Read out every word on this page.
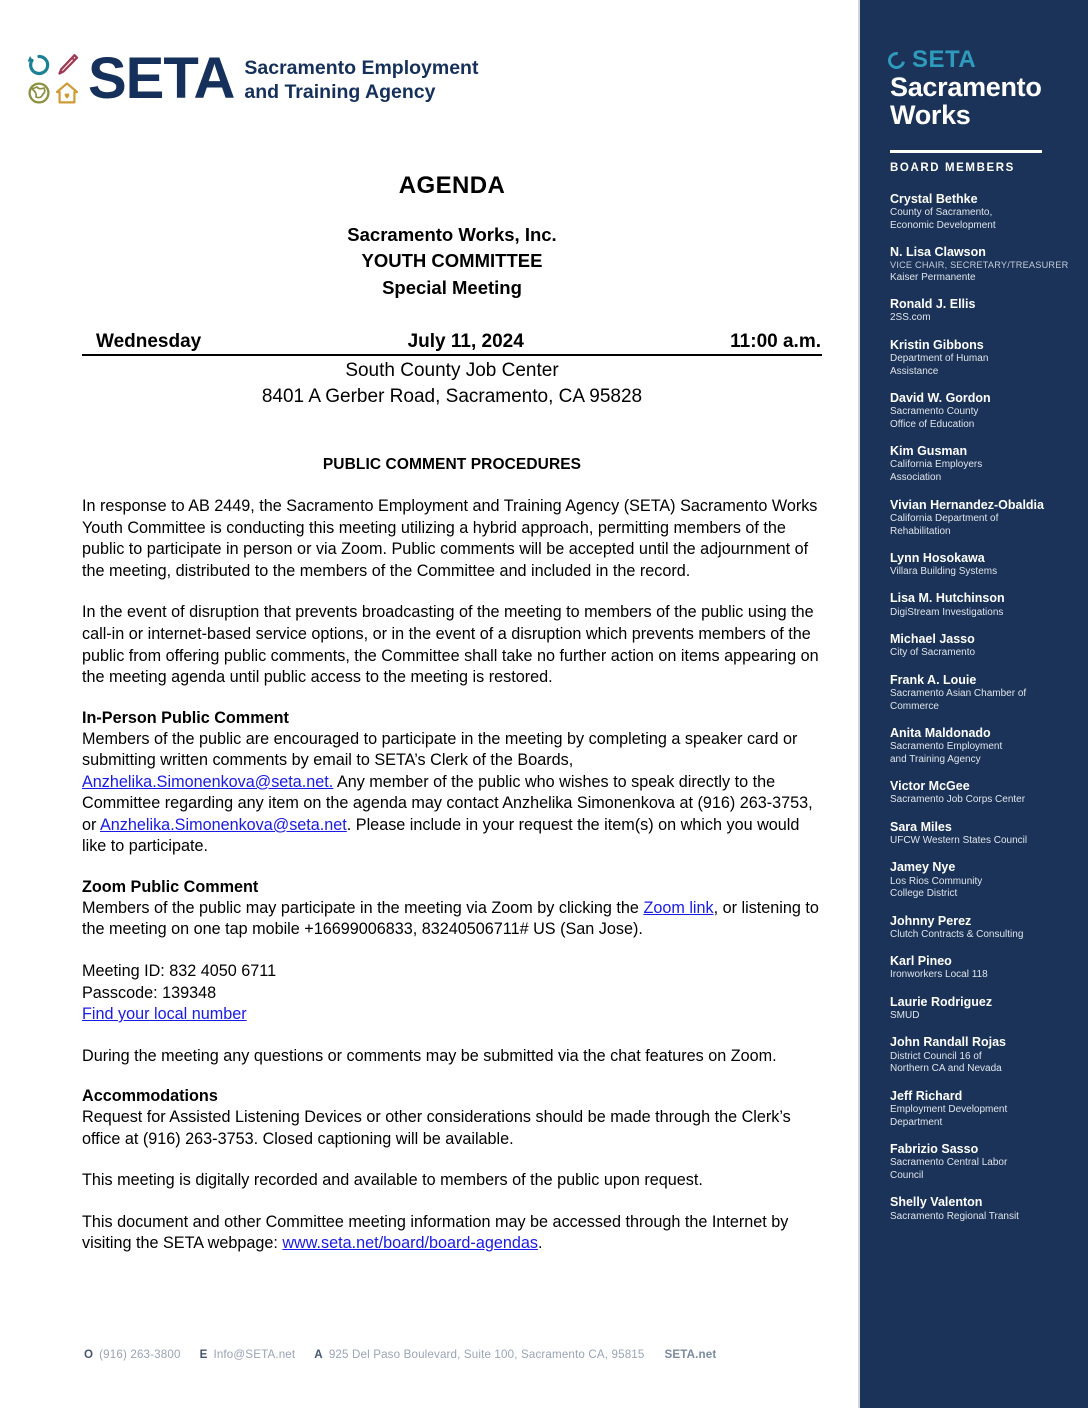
SETA Sacramento Employment
and Training Agency
AGENDA
Sacramento Works, Inc.
YOUTH COMMITTEE
Special Meeting
Wednesday	July 11, 2024	11:00 a.m.
South County Job Center
8401 A Gerber Road, Sacramento, CA 95828
PUBLIC COMMENT PROCEDURES

In response to AB 2449, the Sacramento Employment and Training Agency (SETA) Sacramento Works Youth Committee is conducting this meeting utilizing a hybrid approach, permitting members of the public to participate in person or via Zoom. Public comments will be accepted until the adjournment of the meeting, distributed to the members of the Committee and included in the record.

In the event of disruption that prevents broadcasting of the meeting to members of the public using the call-in or internet-based service options, or in the event of a disruption which prevents members of the public from offering public comments, the Committee shall take no further action on items appearing on the meeting agenda until public access to the meeting is restored.

In-Person Public Comment

Members of the public are encouraged to participate in the meeting by completing a speaker card or submitting written comments by email to SETA’s Clerk of the Boards, Anzhelika.Simonenkova@seta.net. Any member of the public who wishes to speak directly to the Committee regarding any item on the agenda may contact Anzhelika Simonenkova at (916) 263-3753, or Anzhelika.Simonenkova@seta.net. Please include in your request the item(s) on which you would like to participate.

Zoom Public Comment

Members of the public may participate in the meeting via Zoom by clicking the Zoom link, or listening to the meeting on one tap mobile +16699006833, 83240506711# US (San Jose).

Meeting ID: 832 4050 6711
Passcode: 139348
Find your local number

During the meeting any questions or comments may be submitted via the chat features on Zoom.

Accommodations

Request for Assisted Listening Devices or other considerations should be made through the Clerk’s office at (916) 263-3753. Closed captioning will be available.

This meeting is digitally recorded and available to members of the public upon request.

This document and other Committee meeting information may be accessed through the Internet by visiting the SETA webpage: www.seta.net/board/board-agendas.

O (916) 263-3800 E Info@SETA.net A 925 Del Paso Boulevard, Suite 100, Sacramento CA, 95815 SETA.net
SETA
Sacramento
Works
BOARD MEMBERS
Crystal Bethke
County of Sacramento,
Economic Development
N. Lisa Clawson
VICE CHAIR, SECRETARY/TREASURER
Kaiser Permanente
Ronald J. Ellis
2SS.com
Kristin Gibbons
Department of Human
Assistance
David W. Gordon
Sacramento County
Office of Education
Kim Gusman
California Employers
Association
Vivian Hernandez-Obaldia
California Department of
Rehabilitation
Lynn Hosokawa
Villara Building Systems
Lisa M. Hutchinson
DigiStream Investigations
Michael Jasso
City of Sacramento
Frank A. Louie
Sacramento Asian Chamber of
Commerce
Anita Maldonado
Sacramento Employment
and Training Agency
Victor McGee
Sacramento Job Corps Center
Sara Miles
UFCW Western States Council
Jamey Nye
Los Rios Community
College District
Johnny Perez
Clutch Contracts & Consulting
Karl Pineo
Ironworkers Local 118
Laurie Rodriguez
SMUD
John Randall Rojas
District Council 16 of
Northern CA and Nevada
Jeff Richard
Employment Development
Department
Fabrizio Sasso
Sacramento Central Labor
Council
Shelly Valenton
Sacramento Regional Transit
